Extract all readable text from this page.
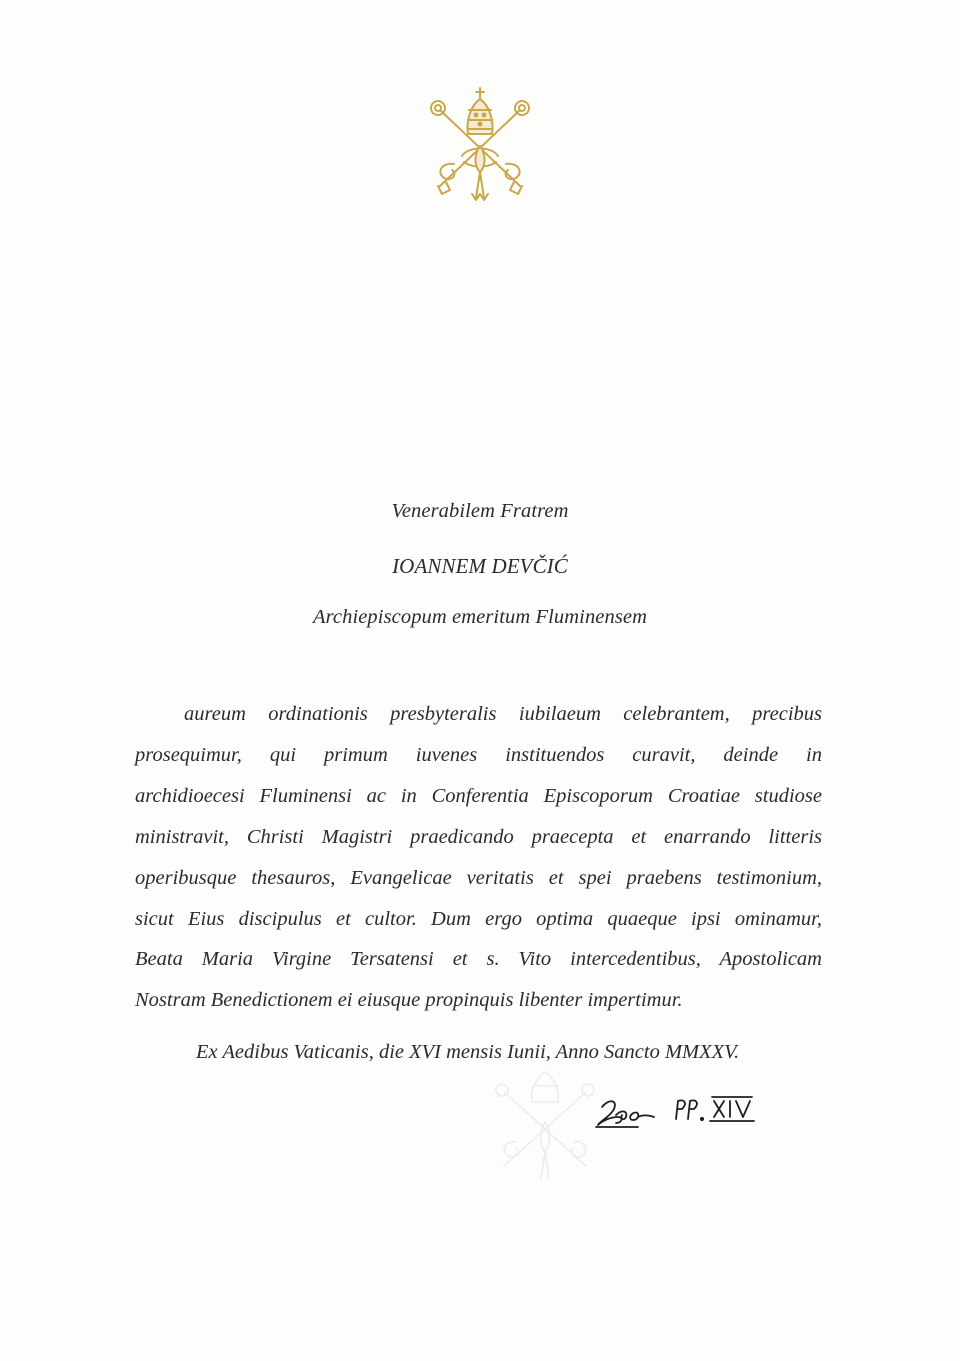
Venerabilem Fratrem
IOANNEM DEVČIĆ
Archiepiscopum emeritum Fluminensem
aureum ordinationis presbyteralis iubilaeum celebrantem, precibus
prosequimur, qui primum iuvenes instituendos curavit, deinde in
archidioecesi Fluminensi ac in Conferentia Episcoporum Croatiae studiose
ministravit, Christi Magistri praedicando praecepta et enarrando litteris
operibusque thesauros, Evangelicae veritatis et spei praebens testimonium,
sicut Eius discipulus et cultor. Dum ergo optima quaeque ipsi ominamur,
Beata Maria Virgine Tersatensi et s. Vito intercedentibus, Apostolicam
Nostram Benedictionem ei eiusque propinquis libenter impertimur.
Ex Aedibus Vaticanis, die XVI mensis Iunii, Anno Sancto MMXXV.
